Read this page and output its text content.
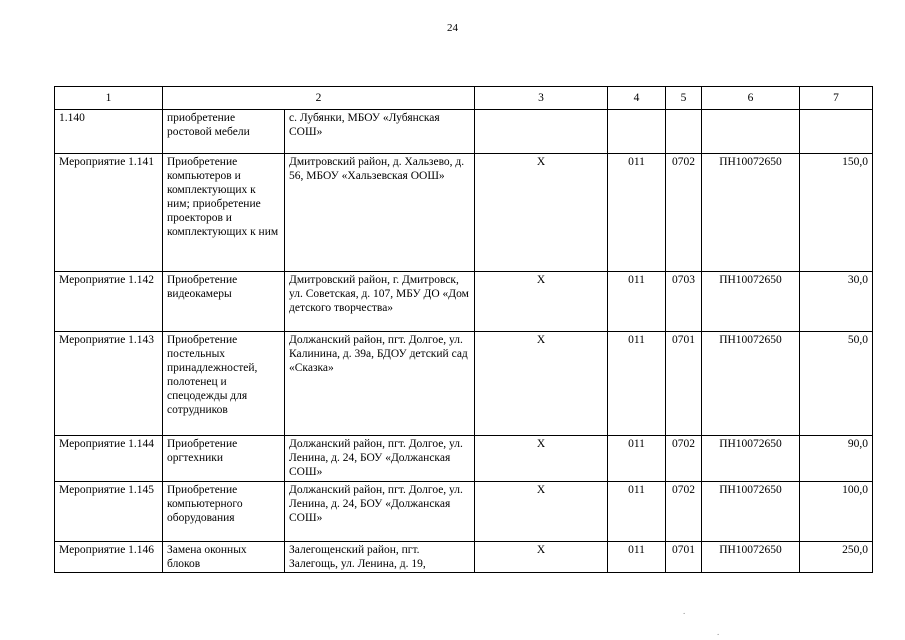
24
1	2		3	4	5	6	7
1.140	приобретение ростовой мебели	с. Лубянки, МБОУ «Лубянская СОШ»					
Мероприятие 1.141	Приобретение компьютеров и комплектующих к ним; приобретение проекторов и комплектующих к ним	Дмитровский район, д. Хальзево, д. 56, МБОУ «Хальзевская ООШ»	X	011	0702	ПН10072650	150,0
Мероприятие 1.142	Приобретение видеокамеры	Дмитровский район, г. Дмитровск, ул. Советская, д. 107, МБУ ДО «Дом детского творчества»	X	011	0703	ПН10072650	30,0
Мероприятие 1.143	Приобретение постельных принадлежностей, полотенец и спецодежды для сотрудников	Должанский район, пгт. Долгое, ул. Калинина, д. 39а, БДОУ детский сад «Сказка»	X	011	0701	ПН10072650	50,0
Мероприятие 1.144	Приобретение оргтехники	Должанский район, пгт. Долгое, ул. Ленина, д. 24, БОУ «Должанская СОШ»	X	011	0702	ПН10072650	90,0
Мероприятие 1.145	Приобретение компьютерного оборудования	Должанский район, пгт. Долгое, ул. Ленина, д. 24, БОУ «Должанская СОШ»	X	011	0702	ПН10072650	100,0
Мероприятие 1.146	Замена оконных блоков	Залегощенский район, пгт. Залегощь, ул. Ленина, д. 19,	X	011	0701	ПН10072650	250,0
.
.
